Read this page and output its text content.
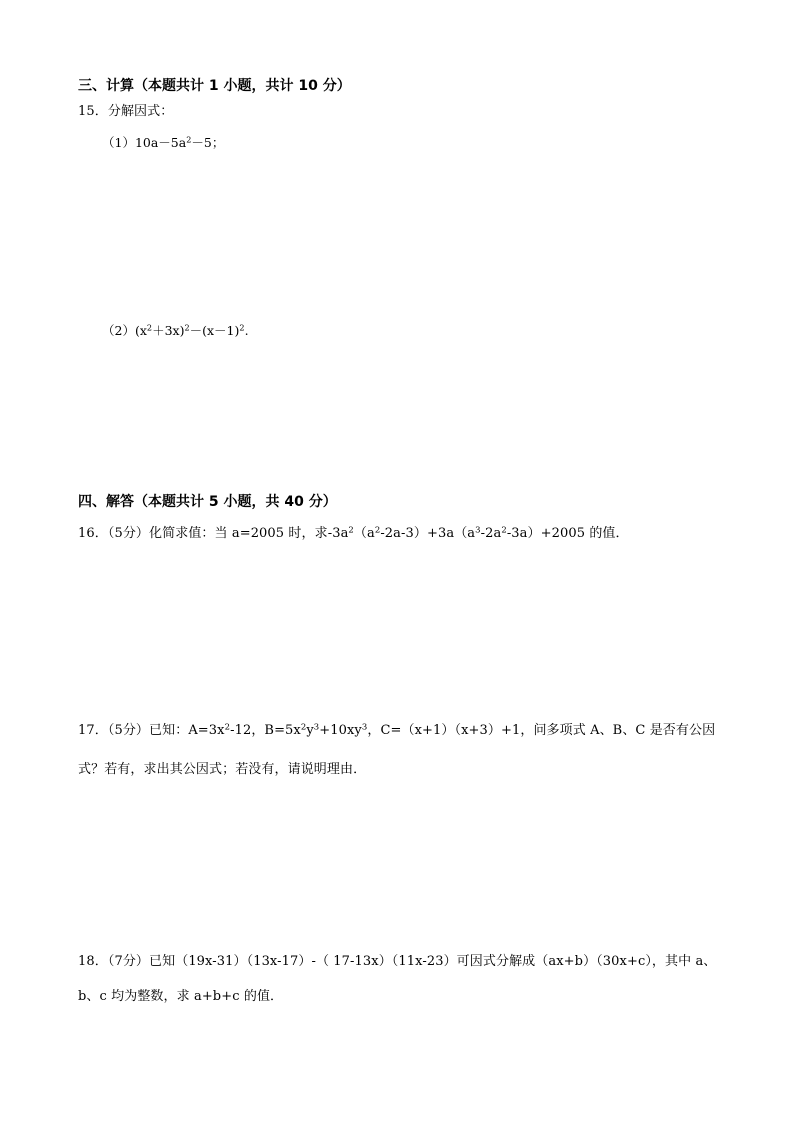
三、计算（本题共计 1 小题，共计 10 分）
15．分解因式：
$(1)10a-5a^2-5$；
$(2)(x^2+3x)^2-(x-1)^2$.
四、解答（本题共计 5 小题，共 40 分）
16．（5分）化简求值：当 a=2005 时，求$-3a^2(a^2-2a-3)+3a(a^3-2a^2-3a)+2005$ 的值．
17．（5分）已知：$A=3x^2-12$，$B=5x^2y^3+10xy^3$，C=（x+1）（x+3）+1，问多项式 A、B、C 是否有公因
式？若有，求出其公因式；若没有，请说明理由．
18．（7分）已知（19x-31）（13x-17）-（ 17-13x）（11x-23）可因式分解成（ax+b）（30x+c），其中 a、
b、c 均为整数，求 a+b+c 的值．
